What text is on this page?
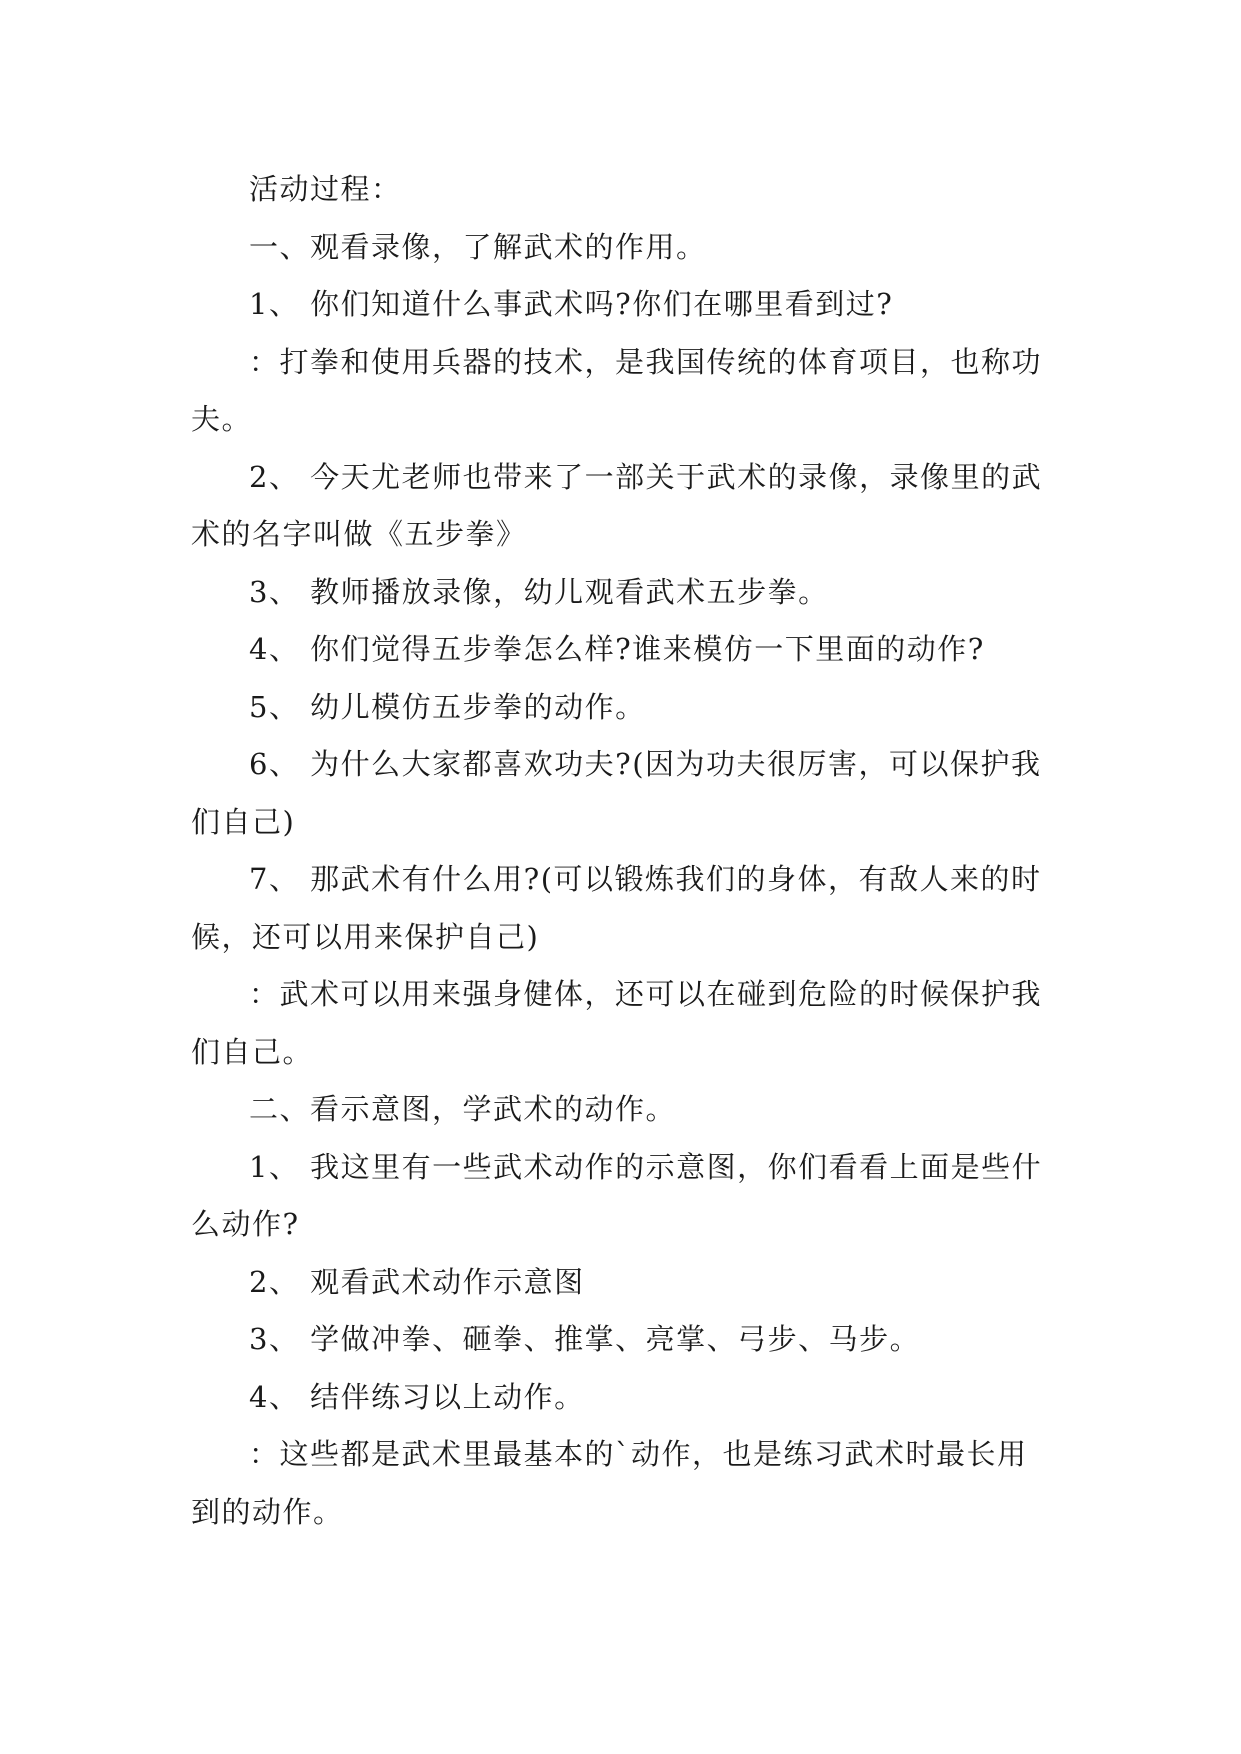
活动过程：

一、观看录像，了解武术的作用。

1、 你们知道什么事武术吗?你们在哪里看到过?

：打拳和使用兵器的技术，是我国传统的体育项目，也称功夫。

2、 今天尤老师也带来了一部关于武术的录像，录像里的武术的名字叫做《五步拳》

3、 教师播放录像，幼儿观看武术五步拳。

4、 你们觉得五步拳怎么样?谁来模仿一下里面的动作?

5、 幼儿模仿五步拳的动作。

6、 为什么大家都喜欢功夫?(因为功夫很厉害，可以保护我们自己)

7、 那武术有什么用?(可以锻炼我们的身体，有敌人来的时候，还可以用来保护自己)

：武术可以用来强身健体，还可以在碰到危险的时候保护我们自己。

二、看示意图，学武术的动作。

1、 我这里有一些武术动作的示意图，你们看看上面是些什么动作?

2、 观看武术动作示意图

3、 学做冲拳、砸拳、推掌、亮掌、弓步、马步。

4、 结伴练习以上动作。

：这些都是武术里最基本的`动作，也是练习武术时最长用到的动作。
